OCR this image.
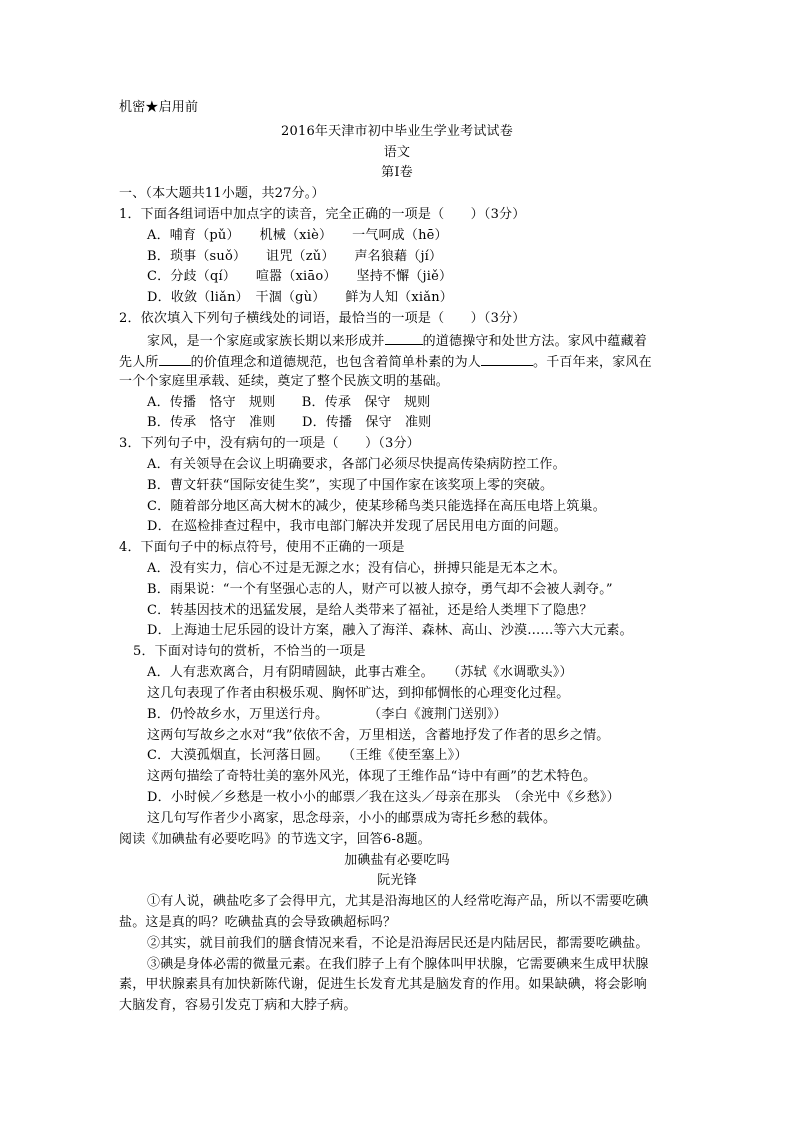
机密★启用前
2016年天津市初中毕业生学业考试试卷
语文
第Ⅰ卷
一、（本大题共11小题，共27分。）
1．下面各组词语中加点字的读音，完全正确的一项是（　　）（3分）
A．哺育（pǔ）　　机械（xiè）　　一气呵成（hē）
B．琐事（suǒ）　　诅咒（zǔ）　　声名狼藉（jí）
C．分歧（qí）　　喧嚣（xiāo）　　坚持不懈（jiě）
D．收敛（liǎn）　干涸（gù）　　鲜为人知（xiǎn）
2．依次填入下列句子横线处的词语，最恰当的一项是（　　）（3分）
家风，是一个家庭或家族长期以来形成并	的道德操守和处世方法。家风中蕴藏着
先人所 的价值理念和道德规范，也包含着简单朴素的为人	。千百年来，家风在
一个个家庭里承载、延续，奠定了整个民族文明的基础。
A．传播　恪守　规则　　B．传承　保守　规则
B．传承　恪守　准则　　D．传播　保守　准则
3．下列句子中，没有病句的一项是（　　）（3分）
A．有关领导在会议上明确要求，各部门必须尽快提高传染病防控工作。
B．曹文轩获“国际安徒生奖”，实现了中国作家在该奖项上零的突破。
C．随着部分地区高大树木的减少，使某珍稀鸟类只能选择在高压电塔上筑巢。
D．在巡检排查过程中，我市电部门解决并发现了居民用电方面的问题。
4．下面句子中的标点符号，使用不正确的一项是
A．没有实力，信心不过是无源之水；没有信心，拼搏只能是无本之木。
B．雨果说：“一个有坚强心志的人，财产可以被人掠夺，勇气却不会被人剥夺。”
C．转基因技术的迅猛发展，是给人类带来了福祉，还是给人类埋下了隐患？
D．上海迪士尼乐园的设计方案，融入了海洋、森林、高山、沙漠……等六大元素。
5．下面对诗句的赏析，不恰当的一项是
A．人有悲欢离合，月有阴晴圆缺，此事古难全。　　（苏轼《水调歌头》）
这几句表现了作者由积极乐观、胸怀旷达，到抑郁惆怅的心理变化过程。
B．仍怜故乡水，万里送行舟。　　　　（李白《渡荆门送别》）
这两句写故乡之水对“我”依依不舍，万里相送，含蓄地抒发了作者的思乡之情。
C．大漠孤烟直，长河落日圆。　　（王维《使至塞上》）
这两句描绘了奇特壮美的塞外风光，体现了王维作品“诗中有画”的艺术特色。
D．小时候／乡愁是一枚小小的邮票／我在这头／母亲在那头　（余光中《乡愁》）
这几句写作者少小离家，思念母亲，小小的邮票成为寄托乡愁的载体。
阅读《加碘盐有必要吃吗》的节选文字，回答6-8题。
加碘盐有必要吃吗
阮光锋
①有人说，碘盐吃多了会得甲亢，尤其是沿海地区的人经常吃海产品，所以不需要吃碘
盐。这是真的吗？吃碘盐真的会导致碘超标吗？
②其实，就目前我们的膳食情况来看，不论是沿海居民还是内陆居民，都需要吃碘盐。
③碘是身体必需的微量元素。在我们脖子上有个腺体叫甲状腺，它需要碘来生成甲状腺
素，甲状腺素具有加快新陈代谢，促进生长发育尤其是脑发育的作用。如果缺碘，将会影响
大脑发育，容易引发克丁病和大脖子病。
